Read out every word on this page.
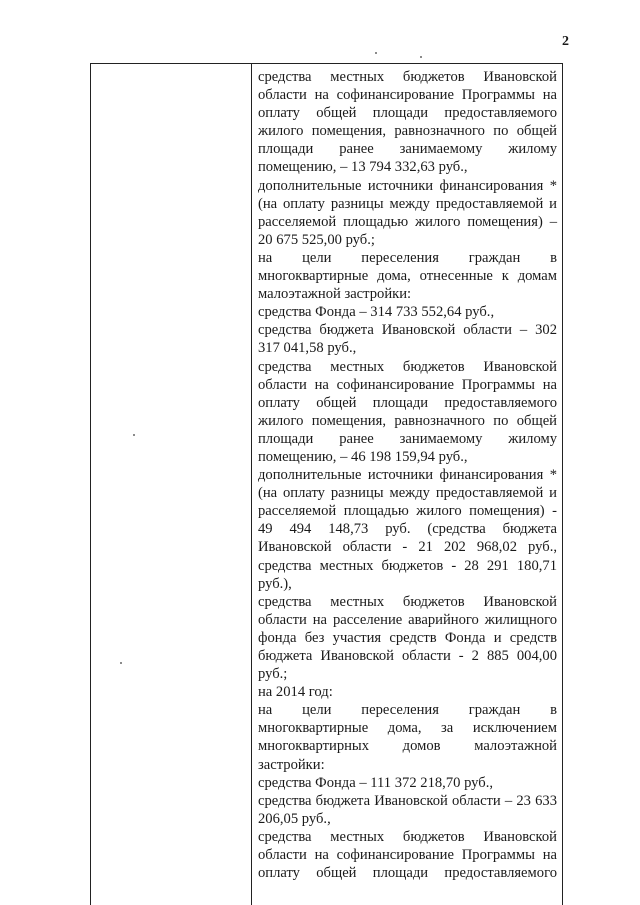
2

средства местных бюджетов Ивановской области на софинансирование Программы на оплату общей площади предоставляемого жилого помещения, равнозначного по общей площади ранее занимаемому жилому помещению, – 13 794 332,63 руб.,

дополнительные источники финансирования * (на оплату разницы между предоставляемой и расселяемой площадью жилого помещения) – 20 675 525,00 руб.;

на цели переселения граждан в многоквартирные дома, отнесенные к домам малоэтажной застройки:

средства Фонда – 314 733 552,64 руб.,

средства бюджета Ивановской области – 302 317 041,58 руб.,

средства местных бюджетов Ивановской области на софинансирование Программы на оплату общей площади предоставляемого жилого помещения, равнозначного по общей площади ранее занимаемому жилому помещению, – 46 198 159,94 руб.,

дополнительные источники финансирования * (на оплату разницы между предоставляемой и расселяемой площадью жилого помещения) - 49 494 148,73 руб. (средства бюджета Ивановской области - 21 202 968,02 руб., средства местных бюджетов - 28 291 180,71 руб.),

средства местных бюджетов Ивановской области на расселение аварийного жилищного фонда без участия средств Фонда и средств бюджета Ивановской области - 2 885 004,00 руб.;

на 2014 год:

на цели переселения граждан в многоквартирные дома, за исключением многоквартирных домов малоэтажной застройки:

средства Фонда – 111 372 218,70 руб.,

средства бюджета Ивановской области – 23 633 206,05 руб.,

средства местных бюджетов Ивановской области на софинансирование Программы на оплату общей площади предоставляемого
